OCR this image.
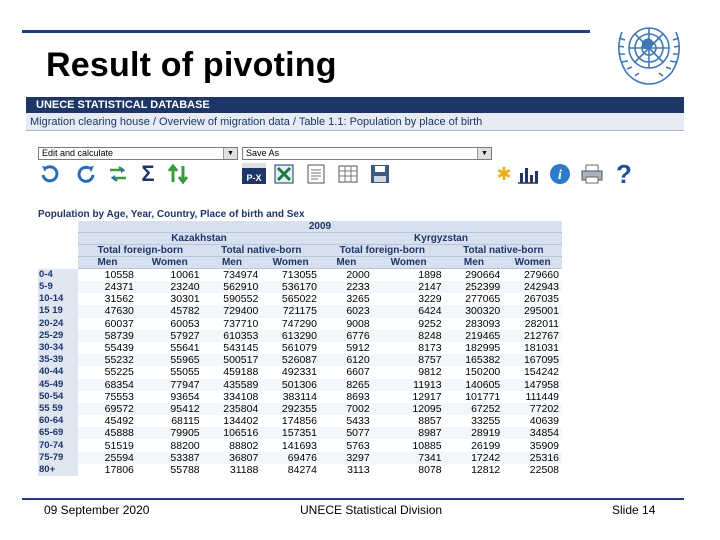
Result of pivoting
UNECE STATISTICAL DATABASE
Migration clearing house / Overview of migration data / Table 1.1: Population by place of birth
Edit and calculate	▼	Save As	▼
Σ	P-X	✱	i ?
Population by Age, Year, Country, Place of birth and Sex
	2009							
	Kazakhstan				Kyrgyzstan			
	Total foreign-born		Total native-born		Total foreign-born		Total native-born	
	Men	Women	Men	Women	Men	Women	Men	Women
0-4	10558	10061	734974	713055	2000	1898	290664	279660
5-9	24371	23240	562910	536170	2233	2147	252399	242943
10-14	31562	30301	590552	565022	3265	3229	277065	267035
15 19	47630	45782	729400	721175	6023	6424	300320	295001
20-24	60037	60053	737710	747290	9008	9252	283093	282011
25-29	58739	57927	610353	613290	6776	8248	219465	212767
30-34	55439	55641	543145	561079	5912	8173	182995	181031
35-39	55232	55965	500517	526087	6120	8757	165382	167095
40-44	55225	55055	459188	492331	6607	9812	150200	154242
45-49	68354	77947	435589	501306	8265	11913	140605	147958
50-54	75553	93654	334108	383114	8693	12917	101771	111449
55 59	69572	95412	235804	292355	7002	12095	67252	77202
60-64	45492	68115	134402	174856	5433	8857	33255	40639
65-69	45888	79905	106516	157351	5077	8987	28919	34854
70-74	51519	88200	88802	141693	5763	10885	26199	35909
75-79	25594	53387	36807	69476	3297	7341	17242	25316
80+	17806	55788	31188	84274	3113	8078	12812	22508
09 September 2020	UNECE Statistical Division	Slide 14
